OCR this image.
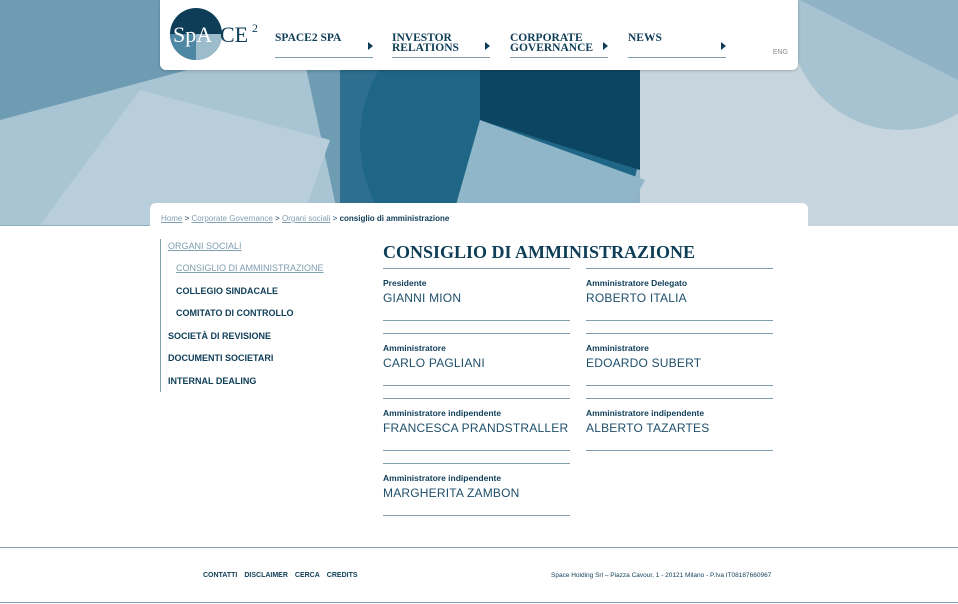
SpA CE 2
SPACE2 SPA	INVESTOR
RELATIONS
CORPORATE
GOVERNANCE
NEWS
ENG
Home > Corporate Governance > Organi sociali > consiglio di amministrazione
ORGANI SOCIALI
CONSIGLIO DI AMMINISTRAZIONE
COLLEGIO SINDACALE
COMITATO DI CONTROLLO
SOCIETÀ DI REVISIONE
DOCUMENTI SOCIETARI
INTERNAL DEALING
CONSIGLIO DI AMMINISTRAZIONE
Presidente
GIANNI MION
Amministratore Delegato
ROBERTO ITALIA
Amministratore
CARLO PAGLIANI
Amministratore
EDOARDO SUBERT
Amministratore indipendente
FRANCESCA PRANDSTRALLER
Amministratore indipendente
ALBERTO TAZARTES
Amministratore indipendente
MARGHERITA ZAMBON
CONTATTI DISCLAIMER CERCA CREDITS	Space Holding Srl – Piazza Cavour, 1 - 20121 Milano - P.Iva IT08187660967
